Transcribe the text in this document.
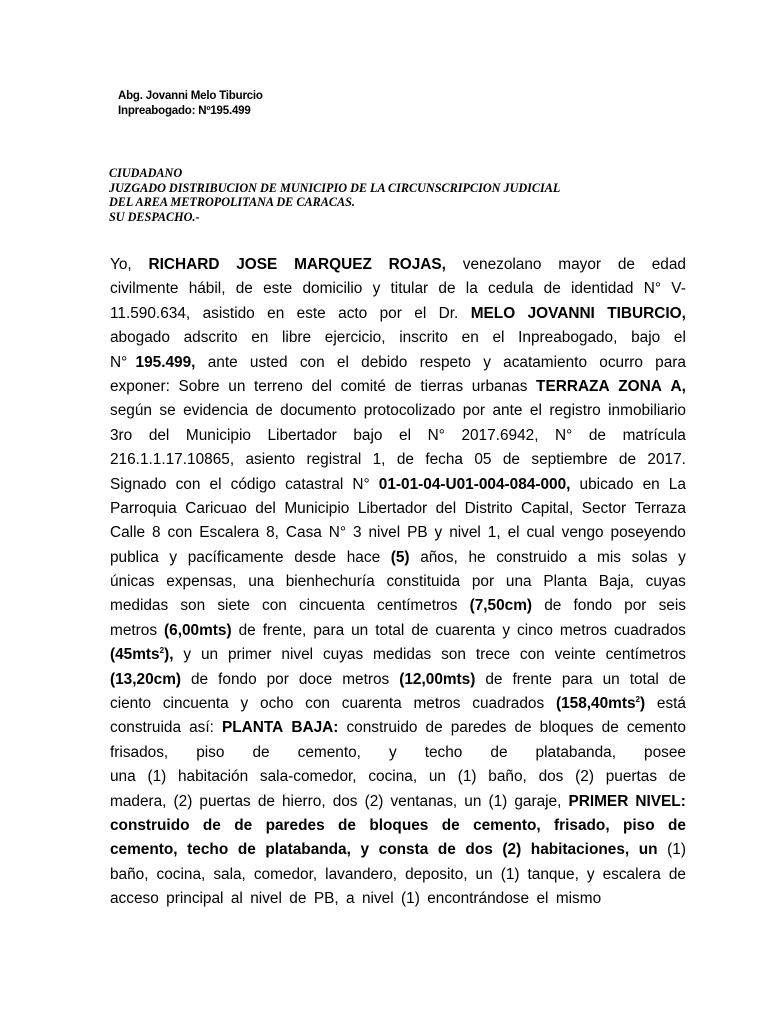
Abg. Jovanni Melo Tiburcio
Inpreabogado: Nº195.499
CIUDADANO
JUZGADO DISTRIBUCION DE MUNICIPIO DE LA CIRCUNSCRIPCION JUDICIAL
DEL AREA METROPOLITANA DE CARACAS.
SU DESPACHO.-
Yo, RICHARD JOSE MARQUEZ ROJAS, venezolano mayor de edad
civilmente hábil, de este domicilio y titular de la cedula de identidad N° V-
11.590.634, asistido en este acto por el Dr. MELO JOVANNI TIBURCIO,
abogado adscrito en libre ejercicio, inscrito en el Inpreabogado, bajo el
N° 195.499, ante usted con el debido respeto y acatamiento ocurro para
exponer: Sobre un terreno del comité de tierras urbanas TERRAZA ZONA A,
según se evidencia de documento protocolizado por ante el registro inmobiliario
3ro del Municipio Libertador bajo el N° 2017.6942, N° de matrícula
216.1.1.17.10865, asiento registral 1, de fecha 05 de septiembre de 2017.
Signado con el código catastral N° 01-01-04-U01-004-084-000, ubicado en La
Parroquia Caricuao del Municipio Libertador del Distrito Capital, Sector Terraza
Calle 8 con Escalera 8, Casa N° 3 nivel PB y nivel 1, el cual vengo poseyendo
publica y pacíficamente desde hace (5) años, he construido a mis solas y
únicas expensas, una bienhechuría constituida por una Planta Baja, cuyas
medidas son siete con cincuenta centímetros (7,50cm) de fondo por seis
metros (6,00mts) de frente, para un total de cuarenta y cinco metros cuadrados
(45mts$^2$), y un primer nivel cuyas medidas son trece con veinte centímetros
(13,20cm) de fondo por doce metros (12,00mts) de frente para un total de
ciento cincuenta y ocho con cuarenta metros cuadrados (158,40mts$^2$) está
construida así: PLANTA BAJA: construido de paredes de bloques de cemento
frisados, piso de cemento, y techo de platabanda, posee
una (1) habitación sala-comedor, cocina, un (1) baño, dos (2) puertas de
madera, (2) puertas de hierro, dos (2) ventanas, un (1) garaje, PRIMER NIVEL:
construido de de paredes de bloques de cemento, frisado, piso de
cemento, techo de platabanda, y consta de dos (2) habitaciones, un (1)
baño, cocina, sala, comedor, lavandero, deposito, un (1) tanque, y escalera de
acceso principal al nivel de PB, a nivel (1) encontrándose el mismo
